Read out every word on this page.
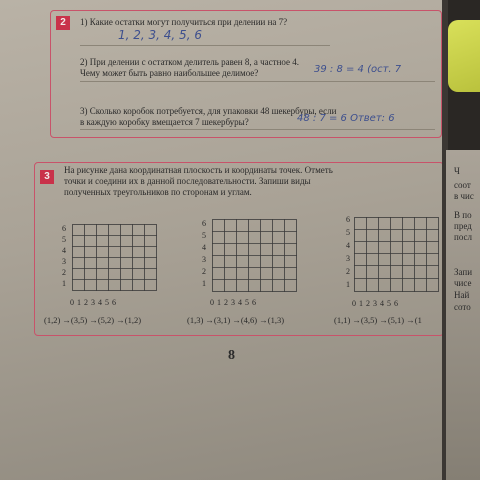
2	1) Какие остатки могут получиться при делении на 7?
1, 2, 3, 4, 5, 6
2) При делении с остатком делитель равен 8, а частное 4.
Чему может быть равно наибольшее делимое?	39 : 8 = 4 (ост. 7
3) Сколько коробок потребуется, для упаковки 48 шекербуры, если
в каждую коробку вмещается 7 шекербуры?	48 : 7 = 6 Ответ: 6
3
На рисунке дана координатная плоскость и координаты точек. Отметь
точки и соедини их в данной последовательности. Запиши виды
полученных треугольников по сторонам и углам.
6
5
4
3
2
1
0 1 2 3 4 5 6
(1,2) →(3,5) →(5,2) →(1,2)
6
5
4
3
2
1
0 1 2 3 4 5 6
(1,3) →(3,1) →(4,6) →(1,3)
6
5
4
3
2
1
0 1 2 3 4 5 6
(1,1) →(3,5) →(5,1) →(1
8
Ч
соот
в чис
В по
пред
посл
Запи
чисе
Най
сото
